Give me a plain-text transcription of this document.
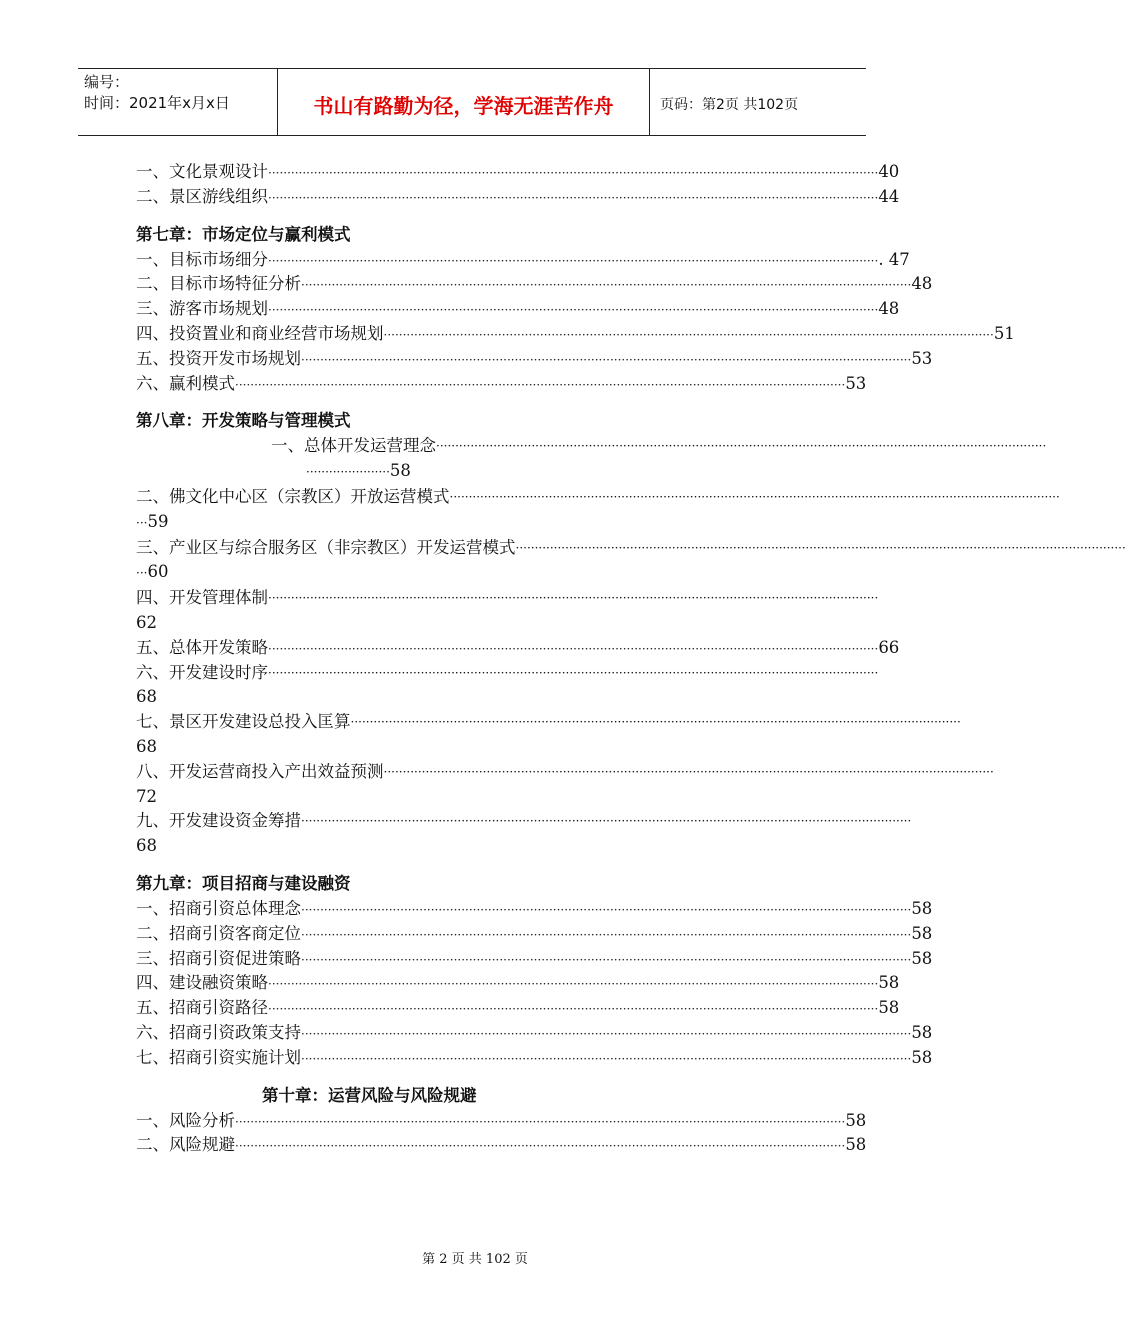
编号：
时间：2021年x月x日	书山有路勤为径，学海无涯苦作舟	页码：第2页 共102页
一、文化景观设计 ································································································································································ 40
二、景区游线组织 ································································································································································ 44
第七章：市场定位与赢利模式
一、目标市场细分 ································································································································································ . 47
二、目标市场特征分析 ································································································································································ 48
三、游客市场规划 ································································································································································ 48
四、投资置业和商业经营市场规划 ································································································································································ 51
五、投资开发市场规划 ································································································································································ 53
六、赢利模式 ································································································································································ 53
第八章：开发策略与管理模式
一、总体开发运营理念 ································································································································································
······················58
二、佛文化中心区（宗教区）开放运营模式 ································································································································································
···59
三、产业区与综合服务区（非宗教区）开发运营模式 ································································································································································
···60
四、开发管理体制 ································································································································································
62
五、总体开发策略 ································································································································································ 66
六、开发建设时序 ································································································································································
68
七、景区开发建设总投入匡算 ································································································································································
68
八、开发运营商投入产出效益预测 ································································································································································
72
九、开发建设资金筹措 ································································································································································
68
第九章：项目招商与建设融资
一、招商引资总体理念 ································································································································································ 58
二、招商引资客商定位 ································································································································································ 58
三、招商引资促进策略 ································································································································································ 58
四、建设融资策略 ································································································································································ 58
五、招商引资路径 ································································································································································ 58
六、招商引资政策支持 ································································································································································ 58
七、招商引资实施计划 ································································································································································ 58
第十章：运营风险与风险规避
一、风险分析 ································································································································································ 58
二、风险规避 ································································································································································ 58
第 2 页 共 102 页
